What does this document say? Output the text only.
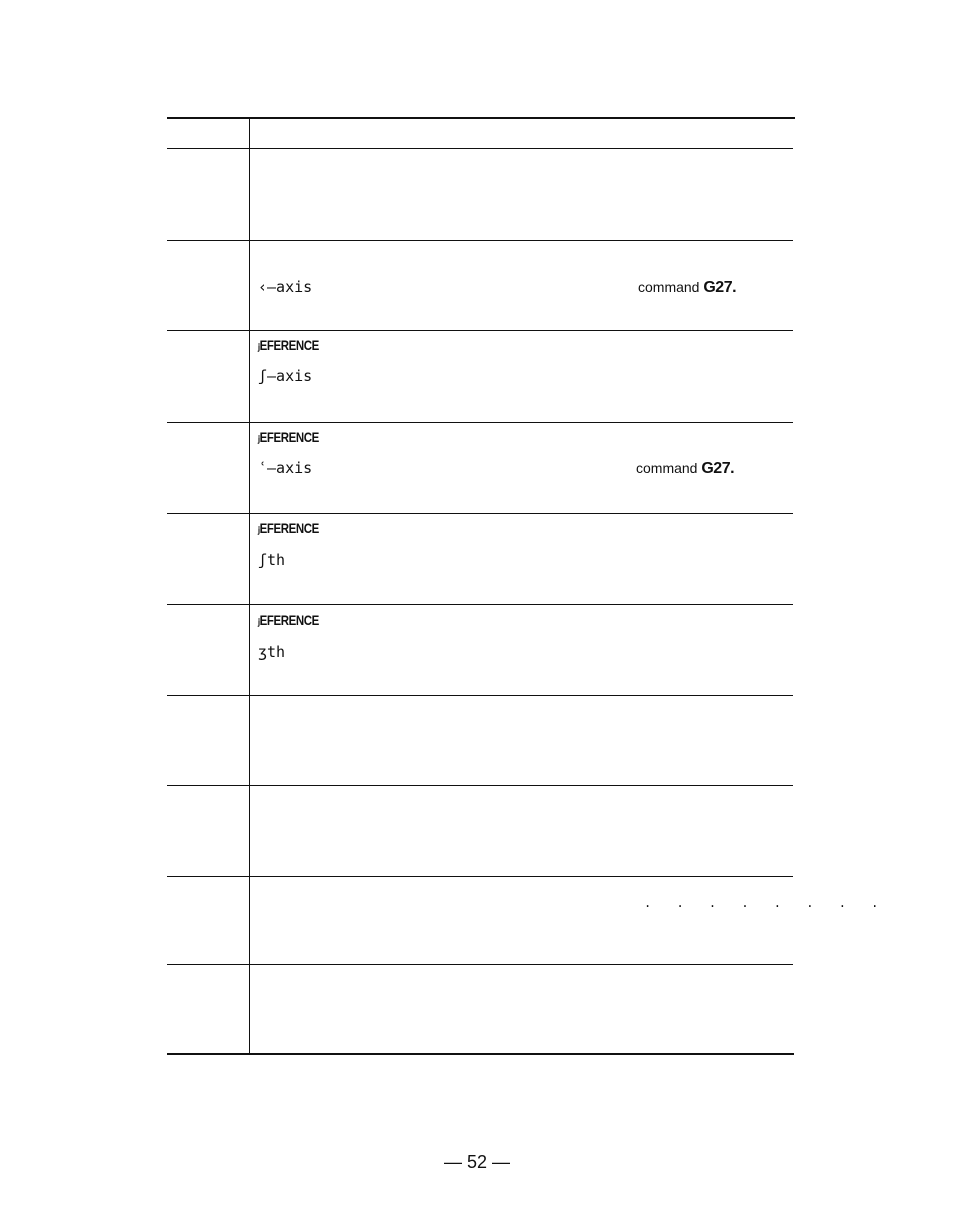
‹—axis	command G27.
ⱼEFERENCE
ʃ—axis
ⱼEFERENCE
ʿ—axis	command G27.
ⱼEFERENCE
ʃth
ⱼEFERENCE
ʒth
. . . . . . . .
— 52 —
